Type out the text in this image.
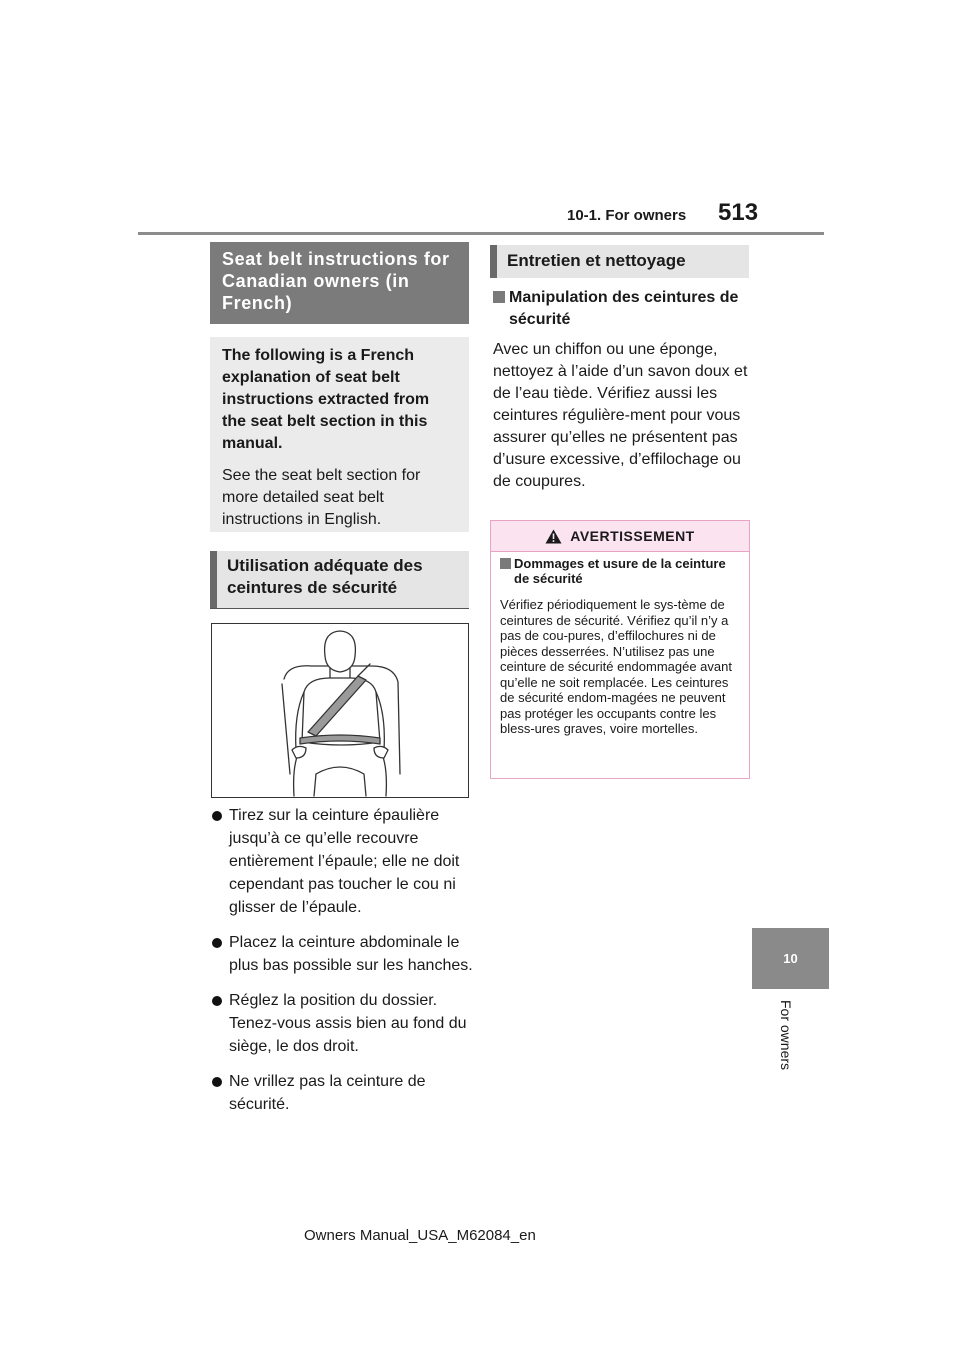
10-1. For owners 513
10
For owners
Seat belt instructions for Canadian owners (in French)

The following is a French explanation of seat belt instructions extracted from the seat belt section in this manual.

See the seat belt section for more detailed seat belt instructions in English.

Utilisation adéquate des ceintures de sécurité
Tirez sur la ceinture épaulière jusqu’à ce qu’elle recouvre entièrement l’épaule; elle ne doit cependant pas toucher le cou ni glisser de l’épaule.
Placez la ceinture abdominale le plus bas possible sur les hanches.
Réglez la position du dossier. Tenez-vous assis bien au fond du siège, le dos droit.
Ne vrillez pas la ceinture de sécurité.
Entretien et nettoyage
Manipulation des ceintures de sécurité
Avec un chiffon ou une éponge, nettoyez à l’aide d’un savon doux et de l’eau tiède. Vérifiez aussi les ceintures régulière-ment pour vous assurer qu’elles ne présentent pas d’usure excessive, d’effilochage ou de coupures.
AVERTISSEMENT
Dommages et usure de la ceinture de sécurité
Vérifiez périodiquement le sys-tème de ceintures de sécurité. Vérifiez qu’il n’y a pas de cou-pures, d’effilochures ni de pièces desserrées. N’utilisez pas une ceinture de sécurité endommagée avant qu’elle ne soit remplacée. Les ceintures de sécurité endom-magées ne peuvent pas protéger les occupants contre les bless-ures graves, voire mortelles.
Owners Manual_USA_M62084_en
